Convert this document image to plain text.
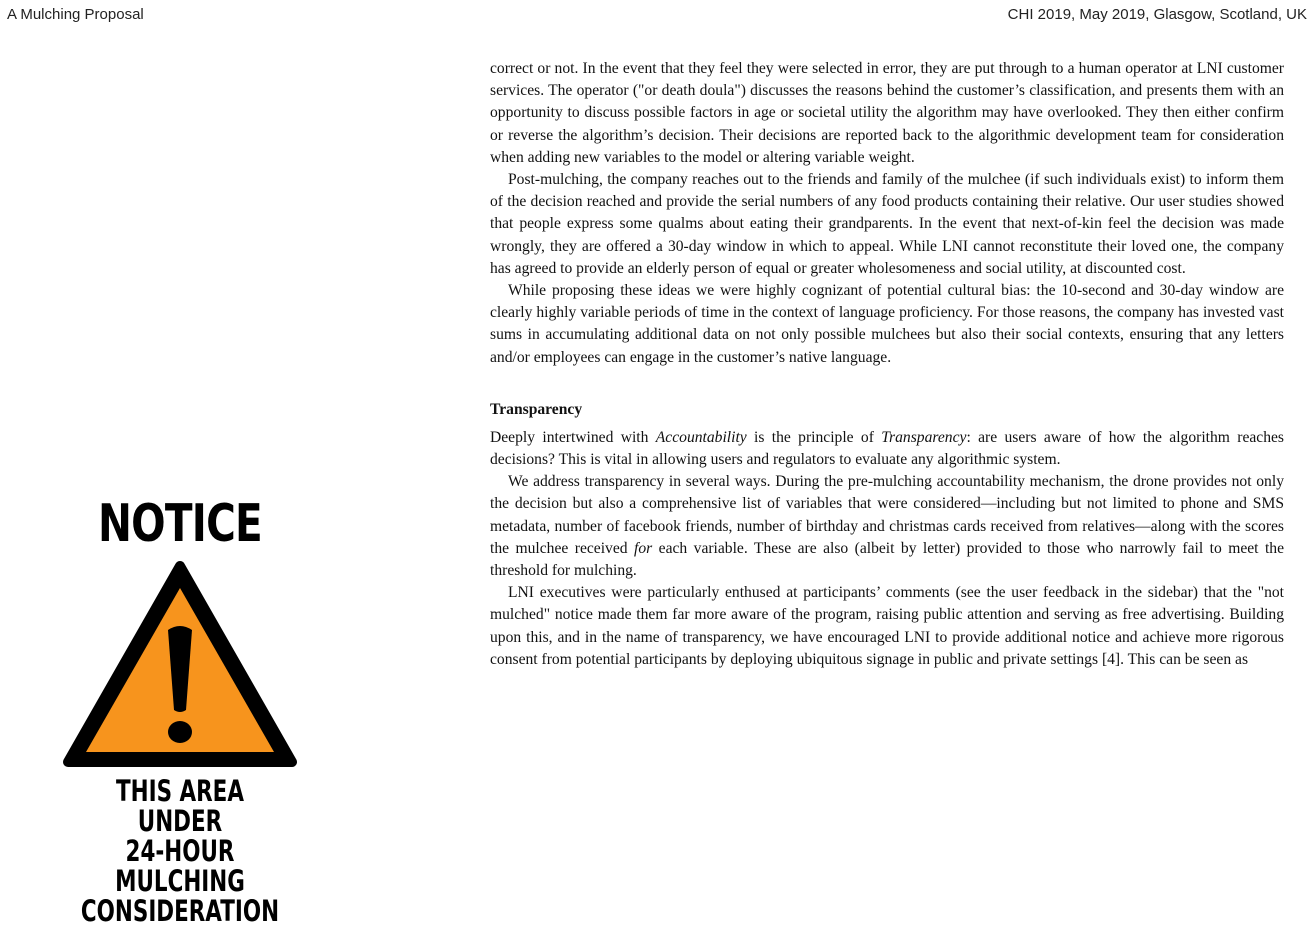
A Mulching Proposal	CHI 2019, May 2019, Glasgow, Scotland, UK
NOTICE
THIS AREA UNDER
24-HOUR MULCHING
CONSIDERATION

correct or not. In the event that they feel they were selected in error, they are put through to a human operator at LNI customer services. The operator ("or death doula") discusses the reasons behind the customer’s classification, and presents them with an opportunity to discuss possible factors in age or societal utility the algorithm may have overlooked. They then either confirm or reverse the algorithm’s decision. Their decisions are reported back to the algorithmic development team for consideration when adding new variables to the model or altering variable weight.

Post-mulching, the company reaches out to the friends and family of the mulchee (if such individuals exist) to inform them of the decision reached and provide the serial numbers of any food products containing their relative. Our user studies showed that people express some qualms about eating their grandparents. In the event that next-of-kin feel the decision was made wrongly, they are offered a 30-day window in which to appeal. While LNI cannot reconstitute their loved one, the company has agreed to provide an elderly person of equal or greater wholesomeness and social utility, at discounted cost.

While proposing these ideas we were highly cognizant of potential cultural bias: the 10-second and 30-day window are clearly highly variable periods of time in the context of language proficiency. For those reasons, the company has invested vast sums in accumulating additional data on not only possible mulchees but also their social contexts, ensuring that any letters and/or employees can engage in the customer’s native language.

Transparency

Deeply intertwined with Accountability is the principle of Transparency: are users aware of how the algorithm reaches decisions? This is vital in allowing users and regulators to evaluate any algorithmic system.

We address transparency in several ways. During the pre-mulching accountability mechanism, the drone provides not only the decision but also a comprehensive list of variables that were considered—including but not limited to phone and SMS metadata, number of facebook friends, number of birthday and christmas cards received from relatives—along with the scores the mulchee received for each variable. These are also (albeit by letter) provided to those who narrowly fail to meet the threshold for mulching.

LNI executives were particularly enthused at participants’ comments (see the user feedback in the sidebar) that the "not mulched" notice made them far more aware of the program, raising public attention and serving as free advertising. Building upon this, and in the name of transparency, we have encouraged LNI to provide additional notice and achieve more rigorous consent from potential participants by deploying ubiquitous signage in public and private settings [4]. This can be seen as
